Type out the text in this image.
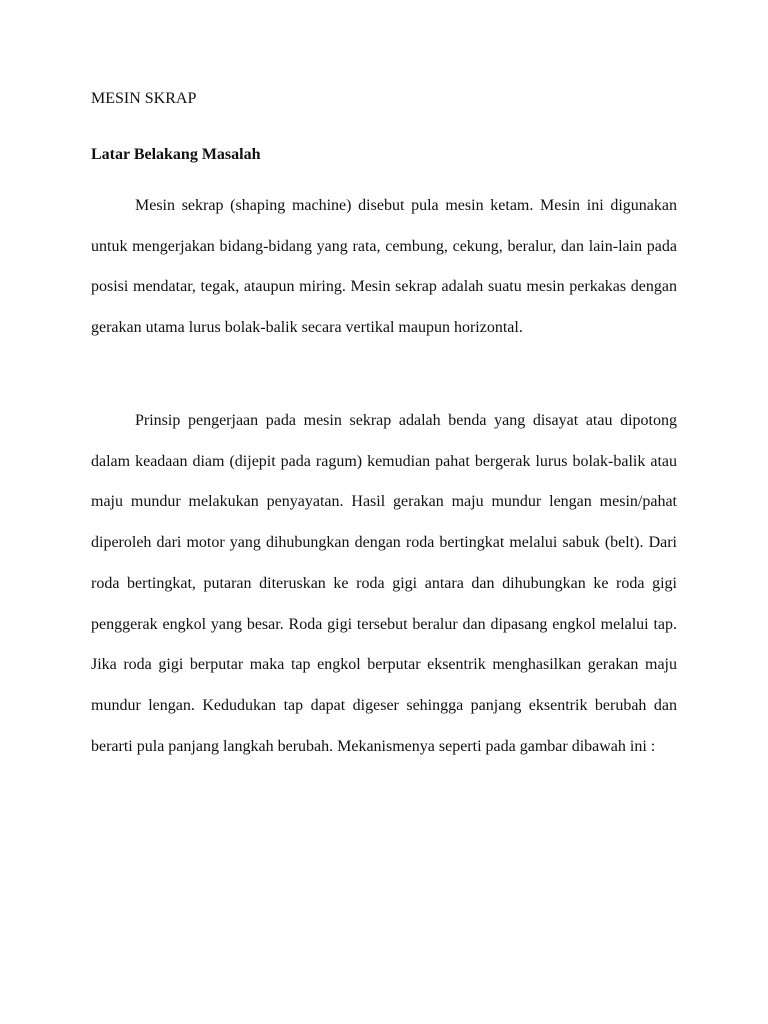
MESIN SKRAP
Latar Belakang Masalah

Mesin sekrap (shaping machine) disebut pula mesin ketam. Mesin ini digunakan untuk mengerjakan bidang-bidang yang rata, cembung, cekung, beralur, dan lain-lain pada posisi mendatar, tegak, ataupun miring. Mesin sekrap adalah suatu mesin perkakas dengan gerakan utama lurus bolak-balik secara vertikal maupun horizontal.

Prinsip pengerjaan pada mesin sekrap adalah benda yang disayat atau dipotong dalam keadaan diam (dijepit pada ragum) kemudian pahat bergerak lurus bolak-balik atau maju mundur melakukan penyayatan. Hasil gerakan maju mundur lengan mesin/pahat diperoleh dari motor yang dihubungkan dengan roda bertingkat melalui sabuk (belt). Dari roda bertingkat, putaran diteruskan ke roda gigi antara dan dihubungkan ke roda gigi penggerak engkol yang besar. Roda gigi tersebut beralur dan dipasang engkol melalui tap. Jika roda gigi berputar maka tap engkol berputar eksentrik menghasilkan gerakan maju mundur lengan. Kedudukan tap dapat digeser sehingga panjang eksentrik berubah dan berarti pula panjang langkah berubah. Mekanismenya seperti pada gambar dibawah ini :
